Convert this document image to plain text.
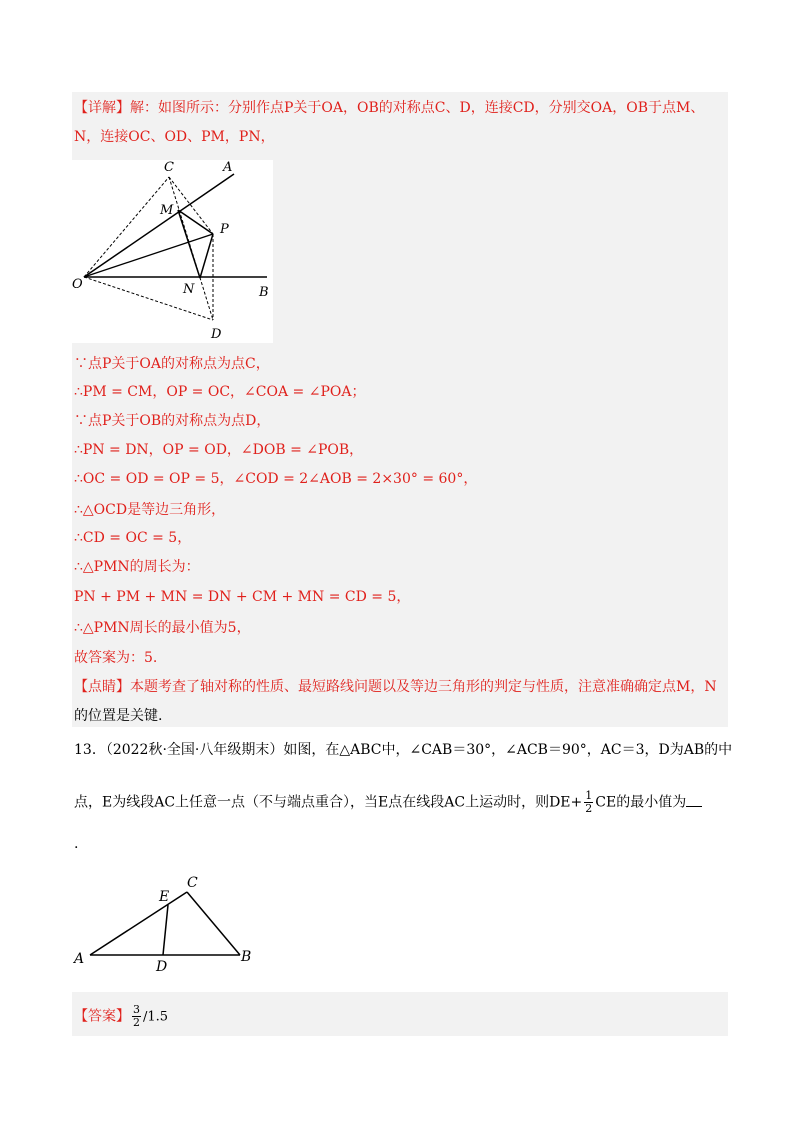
【详解】解：如图所示：分别作点P关于OA，OB的对称点C、D，连接CD，分别交OA，OB于点M、
N，连接OC、OD、PM，PN，
C	A
M
P
O	N	B
D
∵点P关于OA的对称点为点C，
∴PM = CM，OP = OC，∠COA = ∠POA；
∵点P关于OB的对称点为点D，
∴PN = DN，OP = OD，∠DOB = ∠POB，
∴OC = OD = OP = 5，∠COD = 2∠AOB = 2×30° = 60°，
∴△OCD是等边三角形，
∴CD = OC = 5，
∴△PMN的周长为：
PN + PM + MN = DN + CM + MN = CD = 5，
∴△PMN周长的最小值为5，
故答案为：5.
【点睛】本题考查了轴对称的性质、最短路线问题以及等边三角形的判定与性质，注意准确确定点M，N
的位置是关键.
13．（2022秋·全国·八年级期末）如图，在△ABC中，∠CAB＝30°，∠ACB＝90°，AC＝3，D为AB的中
点，E为线段AC上任意一点（不与端点重合），当E点在线段AC上运动时，则$DE+ \frac{1}{2}$ CE的最小值为
.
E
C
A	D
B
【答案】 $\frac{3}{2} /1.5$
